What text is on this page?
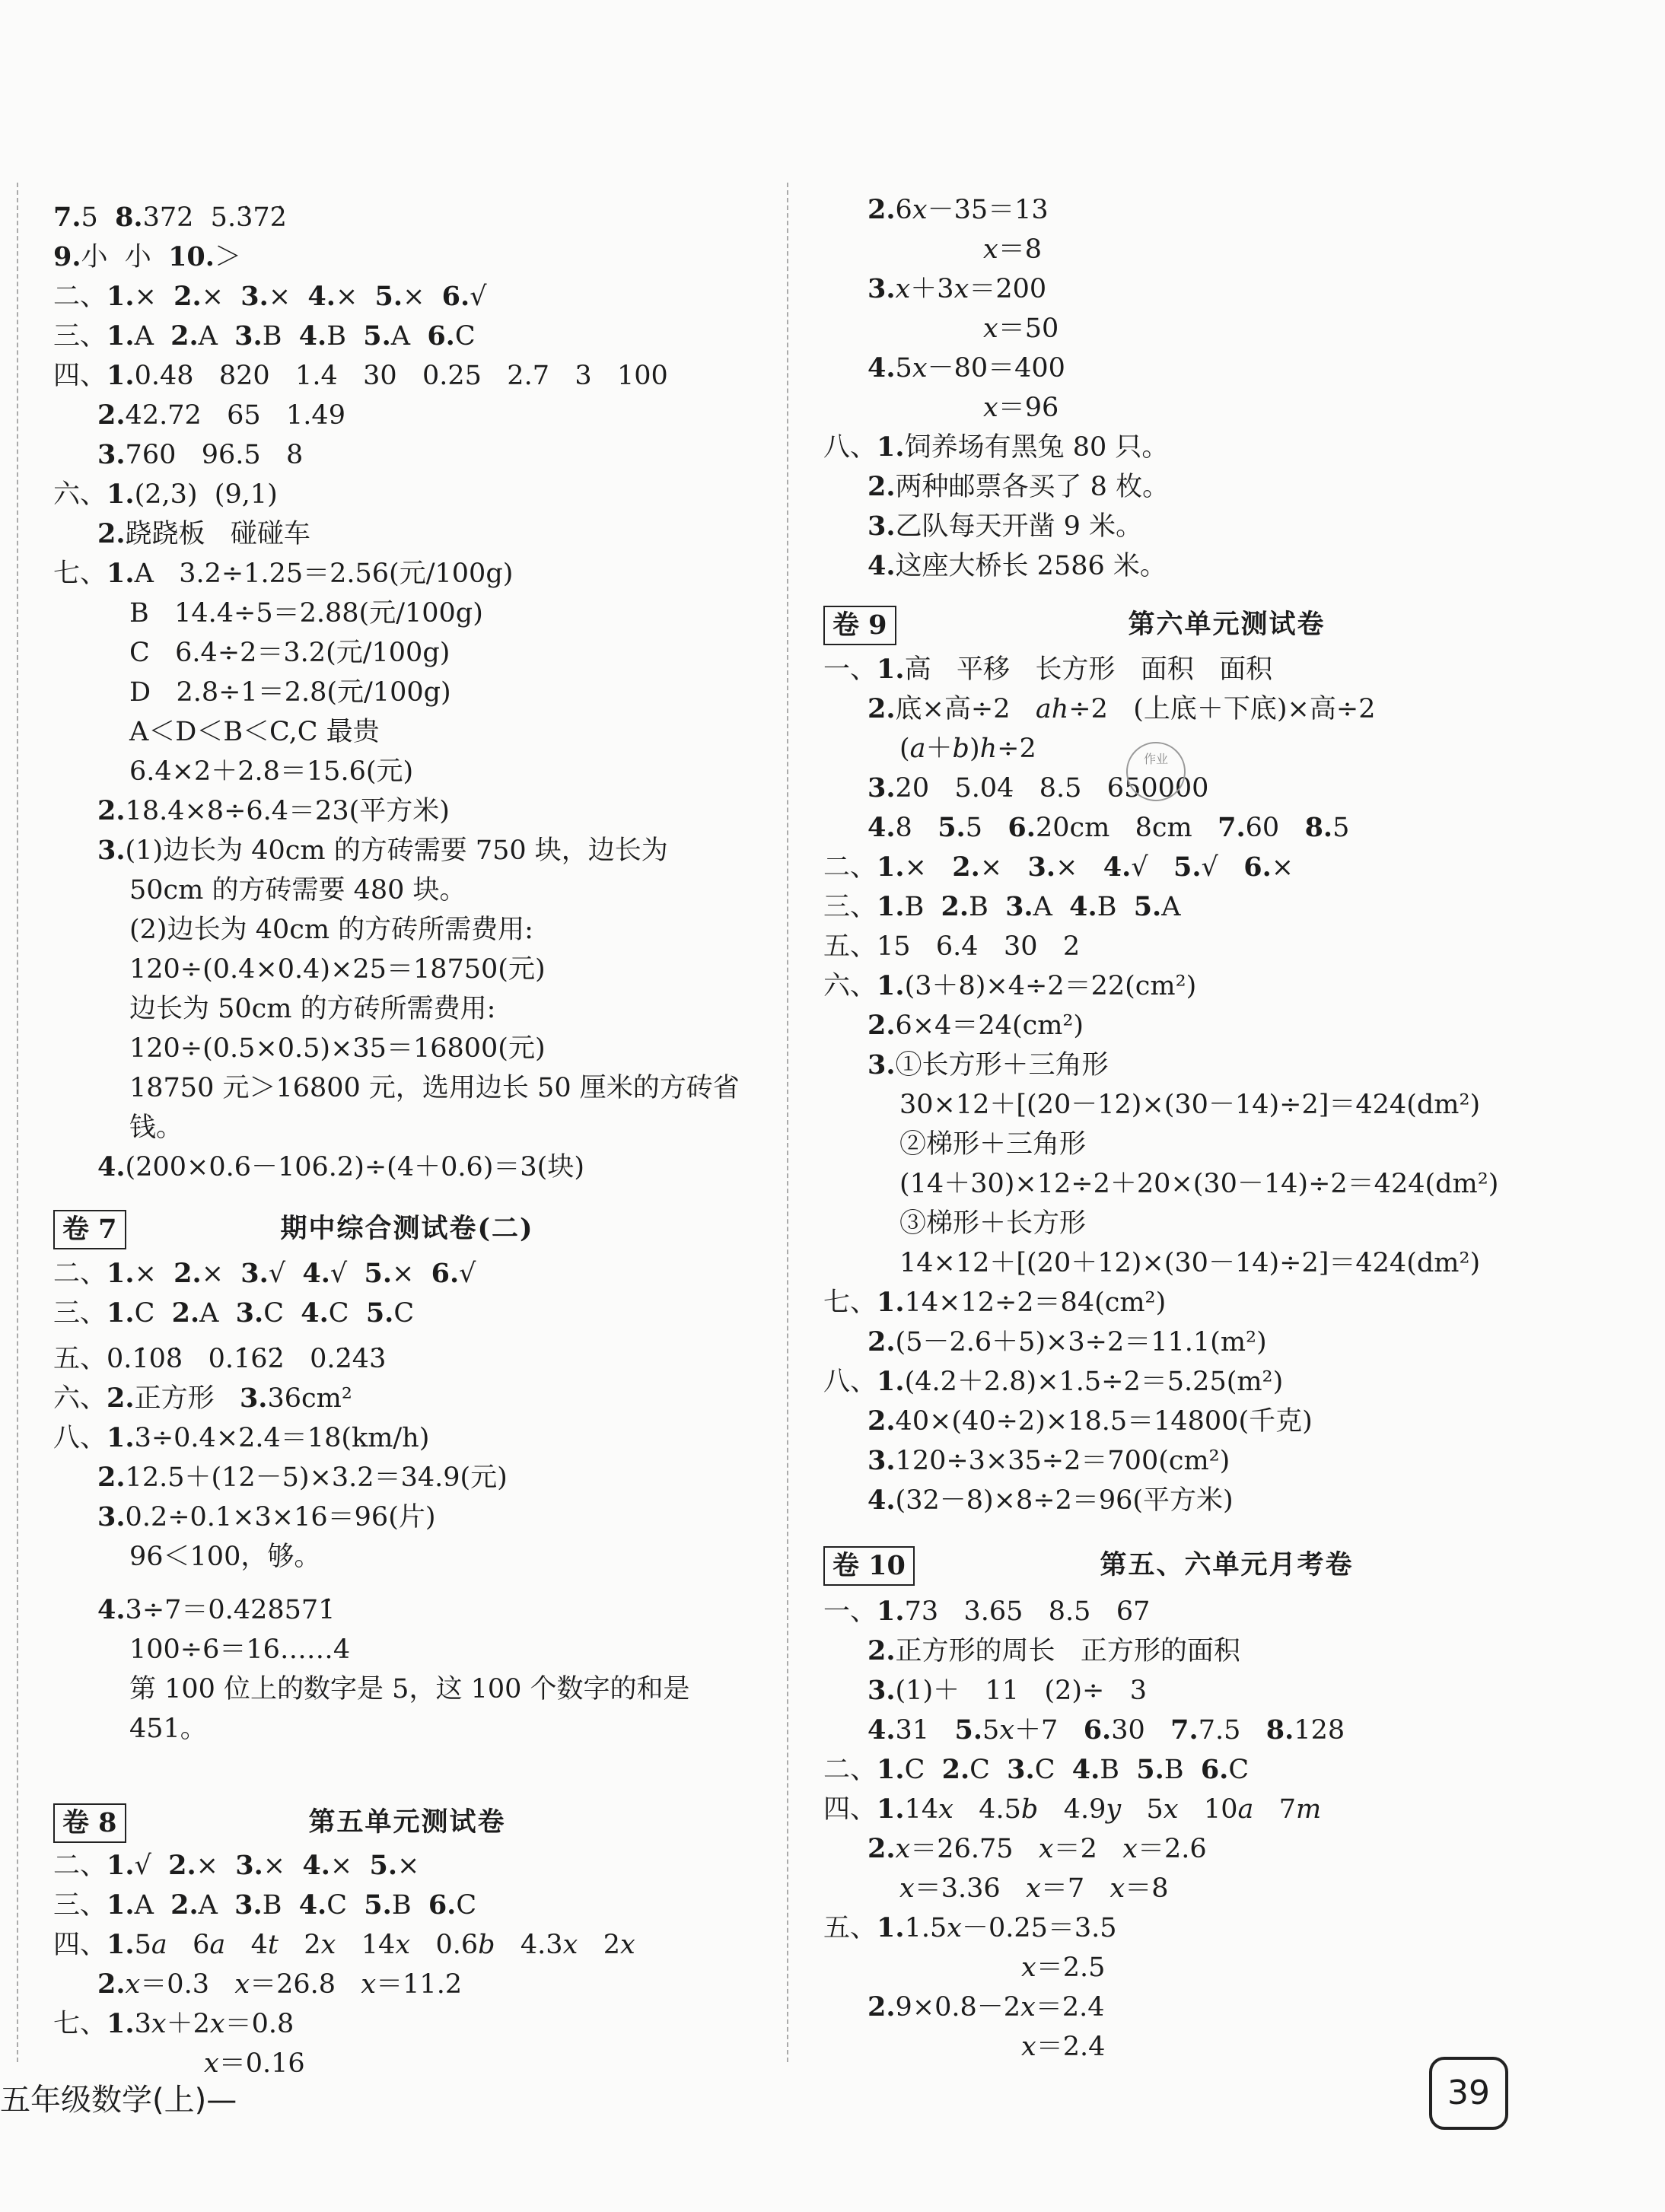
卷 7	期中综合测试卷(二)
卷 8	第五单元测试卷
7.5  8.372  5.3̇72̇
9.小  小  10.＞
二、1.×  2.×  3.×  4.×  5.×  6.√
三、1.A  2.A  3.B  4.B  5.A  6.C
四、1.0.48   820   1.4   30   0.25   2.7   3   100
2.42.72   65   1.49
3.760   96.5   8
六、1.(2,3)  (9,1)
2.跷跷板   碰碰车
七、1.A   3.2÷1.25＝2.56(元/100g)
B   14.4÷5＝2.88(元/100g)
C   6.4÷2＝3.2(元/100g)
D   2.8÷1＝2.8(元/100g)
A＜D＜B＜C,C 最贵
6.4×2＋2.8＝15.6(元)
2.18.4×8÷6.4＝23(平方米)
3.(1)边长为 40cm 的方砖需要 750 块，边长为
50cm 的方砖需要 480 块。
(2)边长为 40cm 的方砖所需费用:
120÷(0.4×0.4)×25＝18750(元)
边长为 50cm 的方砖所需费用:
120÷(0.5×0.5)×35＝16800(元)
18750 元＞16800 元，选用边长 50 厘米的方砖省
钱。
4.(200×0.6－106.2)÷(4＋0.6)＝3(块)
二、1.×  2.×  3.√  4.√  5.×  6.√
三、1.C  2.A  3.C  4.C  5.C
五、0.1̇08̇   0.1̇62̇   0.2̇43̇
六、2.正方形   3.36cm²
八、1.3÷0.4×2.4＝18(km/h)
2.12.5＋(12－5)×3.2＝34.9(元)
3.0.2÷0.1×3×16＝96(片)
96＜100，够。
4.3÷7＝0.4̇28571̇
100÷6＝16……4
第 100 位上的数字是 5，这 100 个数字的和是
451。
二、1.√  2.×  3.×  4.×  5.×
三、1.A  2.A  3.B  4.C  5.B  6.C
四、1.5a   6a   4t   2x   14x   0.6b   4.3x   2x
2.x＝0.3   x＝26.8   x＝11.2
七、1.3x＋2x＝0.8
x＝0.16
卷 9	第六单元测试卷
卷 10	第五、六单元月考卷
2.6x－35＝13
x＝8
3.x＋3x＝200
x＝50
4.5x－80＝400
x＝96
八、1.饲养场有黑兔 80 只。
2.两种邮票各买了 8 枚。
3.乙队每天开凿 9 米。
4.这座大桥长 2586 米。
一、1.高   平移   长方形   面积   面积
2.底×高÷2   ah÷2   (上底＋下底)×高÷2
(a＋b)h÷2
3.20   5.04   8.5   650000
4.8   5.5   6.20cm   8cm   7.60   8.5
二、1.×   2.×   3.×   4.√   5.√   6.×
三、1.B  2.B  3.A  4.B  5.A
五、15   6.4   30   2
六、1.(3＋8)×4÷2＝22(cm²)
2.6×4＝24(cm²)
3.①长方形＋三角形
30×12＋[(20－12)×(30－14)÷2]＝424(dm²)
②梯形＋三角形
(14＋30)×12÷2＋20×(30－14)÷2＝424(dm²)
③梯形＋长方形
14×12＋[(20＋12)×(30－14)÷2]＝424(dm²)
七、1.14×12÷2＝84(cm²)
2.(5－2.6＋5)×3÷2＝11.1(m²)
八、1.(4.2＋2.8)×1.5÷2＝5.25(m²)
2.40×(40÷2)×18.5＝14800(千克)
3.120÷3×35÷2＝700(cm²)
4.(32－8)×8÷2＝96(平方米)
一、1.73   3.65   8.5   67
2.正方形的周长   正方形的面积
3.(1)＋   11   (2)÷   3
4.31   5.5x＋7   6.30   7.7.5   8.128
二、1.C  2.C  3.C  4.B  5.B  6.C
四、1.14x   4.5b   4.9y   5x   10a   7m
2.x＝26.75   x＝2   x＝2.6
x＝3.36   x＝7   x＝8
五、1.1.5x－0.25＝3.5
x＝2.5
2.9×0.8－2x＝2.4
x＝2.4
作业
五年级数学(上)—	39
